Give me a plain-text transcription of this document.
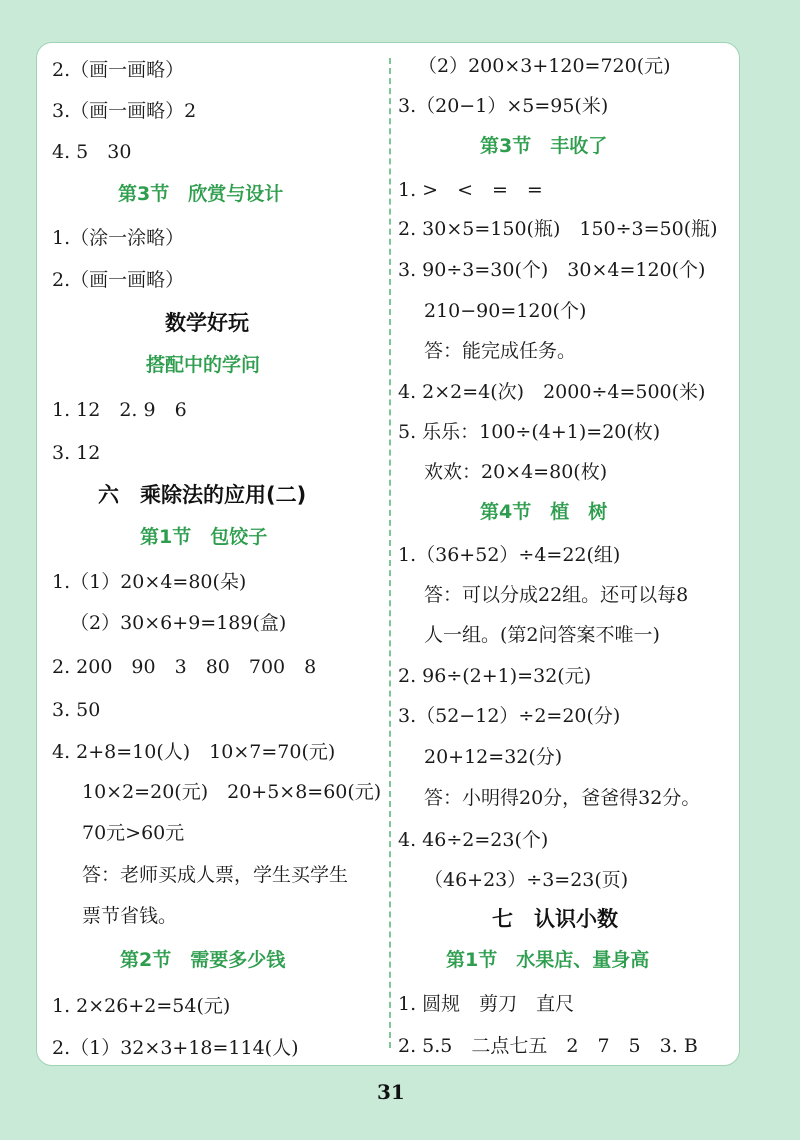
2.（画一画略）
3.（画一画略）2
4. 5　30
第3节　欣赏与设计
1.（涂一涂略）
2.（画一画略）
数学好玩
搭配中的学问
1. 12　2. 9　6
3. 12
六　乘除法的应用(二)
第1节　包饺子
1.（1）20×4=80(朵)
（2）30×6+9=189(盒)
2. 200　90　3　80　700　8
3. 50
4. 2+8=10(人)　10×7=70(元)
10×2=20(元)　20+5×8=60(元)
70元>60元
答：老师买成人票，学生买学生
票节省钱。
第2节　需要多少钱
1. 2×26+2=54(元)
2.（1）32×3+18=114(人)
（2）200×3+120=720(元)
3.（20−1）×5=95(米)
第3节　丰收了
1. >　<　=　=
2. 30×5=150(瓶)　150÷3=50(瓶)
3. 90÷3=30(个)　30×4=120(个)
210−90=120(个)
答：能完成任务。
4. 2×2=4(次)　2000÷4=500(米)
5. 乐乐：100÷(4+1)=20(枚)
欢欢：20×4=80(枚)
第4节　植　树
1.（36+52）÷4=22(组)
答：可以分成22组。还可以每8
人一组。(第2问答案不唯一)
2. 96÷(2+1)=32(元)
3.（52−12）÷2=20(分)
20+12=32(分)
答：小明得20分，爸爸得32分。
4. 46÷2=23(个)
（46+23）÷3=23(页)
七　认识小数
第1节　水果店、量身高
1. 圆规　剪刀　直尺
2. 5.5　二点七五　2　7　5　3. B
31
